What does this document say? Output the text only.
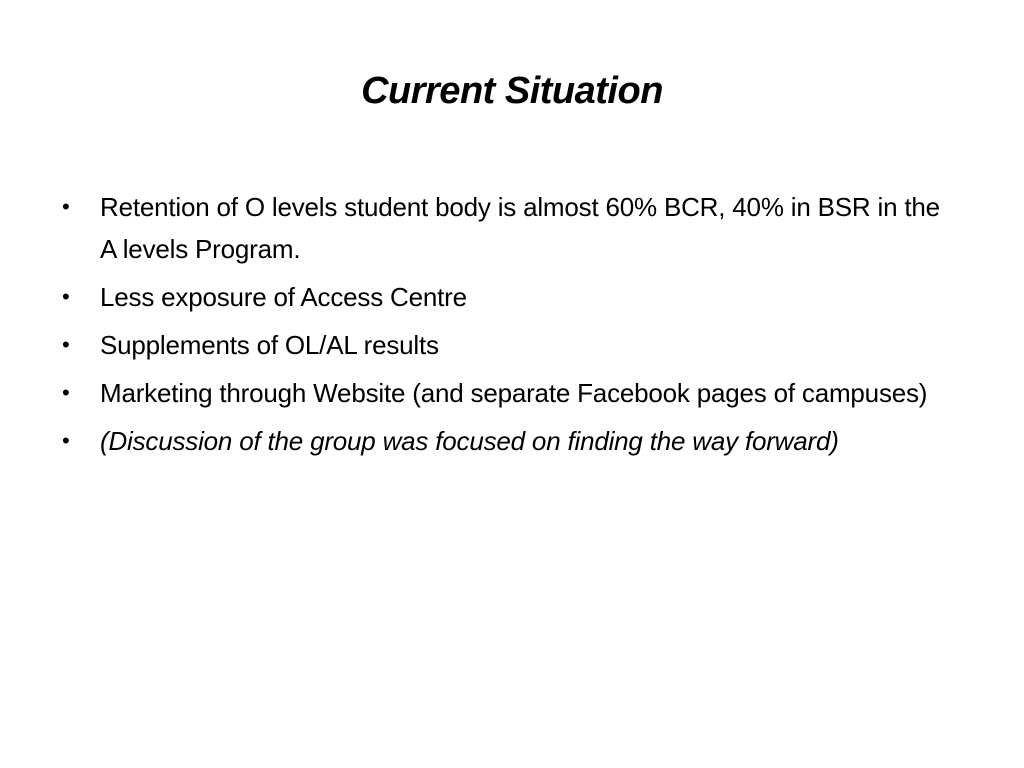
Current Situation
• Retention of O levels student body is almost 60% BCR, 40% in BSR in the A levels Program.
• Less exposure of Access Centre
• Supplements of OL/AL results
• Marketing through Website (and separate Facebook pages of campuses)
• (Discussion of the group was focused on finding the way forward)
